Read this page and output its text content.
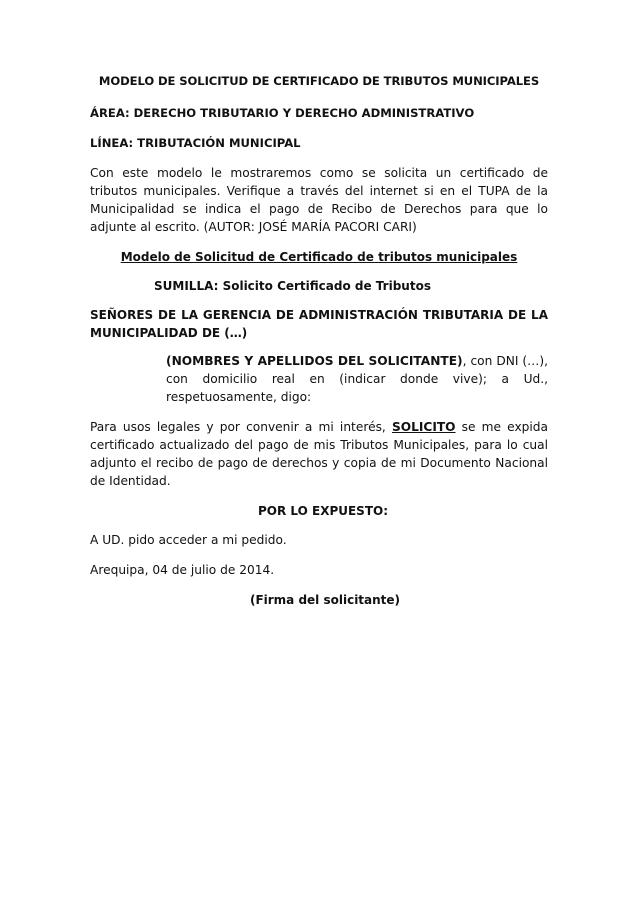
MODELO DE SOLICITUD DE CERTIFICADO DE TRIBUTOS MUNICIPALES

ÁREA: DERECHO TRIBUTARIO Y DERECHO ADMINISTRATIVO

LÍNEA: TRIBUTACIÓN MUNICIPAL

Con este modelo le mostraremos como se solicita un certificado de tributos municipales. Verifique a través del internet si en el TUPA de la Municipalidad se indica el pago de Recibo de Derechos para que lo adjunte al escrito. (AUTOR: JOSÉ MARÍA PACORI CARI)

Modelo de Solicitud de Certificado de tributos municipales

SUMILLA: Solicito Certificado de Tributos

SEÑORES DE LA GERENCIA DE ADMINISTRACIÓN TRIBUTARIA DE LA MUNICIPALIDAD DE (…)

(NOMBRES Y APELLIDOS DEL SOLICITANTE), con DNI (…), con domicilio real en (indicar donde vive); a Ud., respetuosamente, digo:

Para usos legales y por convenir a mi interés, SOLICITO se me expida certificado actualizado del pago de mis Tributos Municipales, para lo cual adjunto el recibo de pago de derechos y copia de mi Documento Nacional de Identidad.

POR LO EXPUESTO:

A UD. pido acceder a mi pedido.

Arequipa, 04 de julio de 2014.

(Firma del solicitante)
